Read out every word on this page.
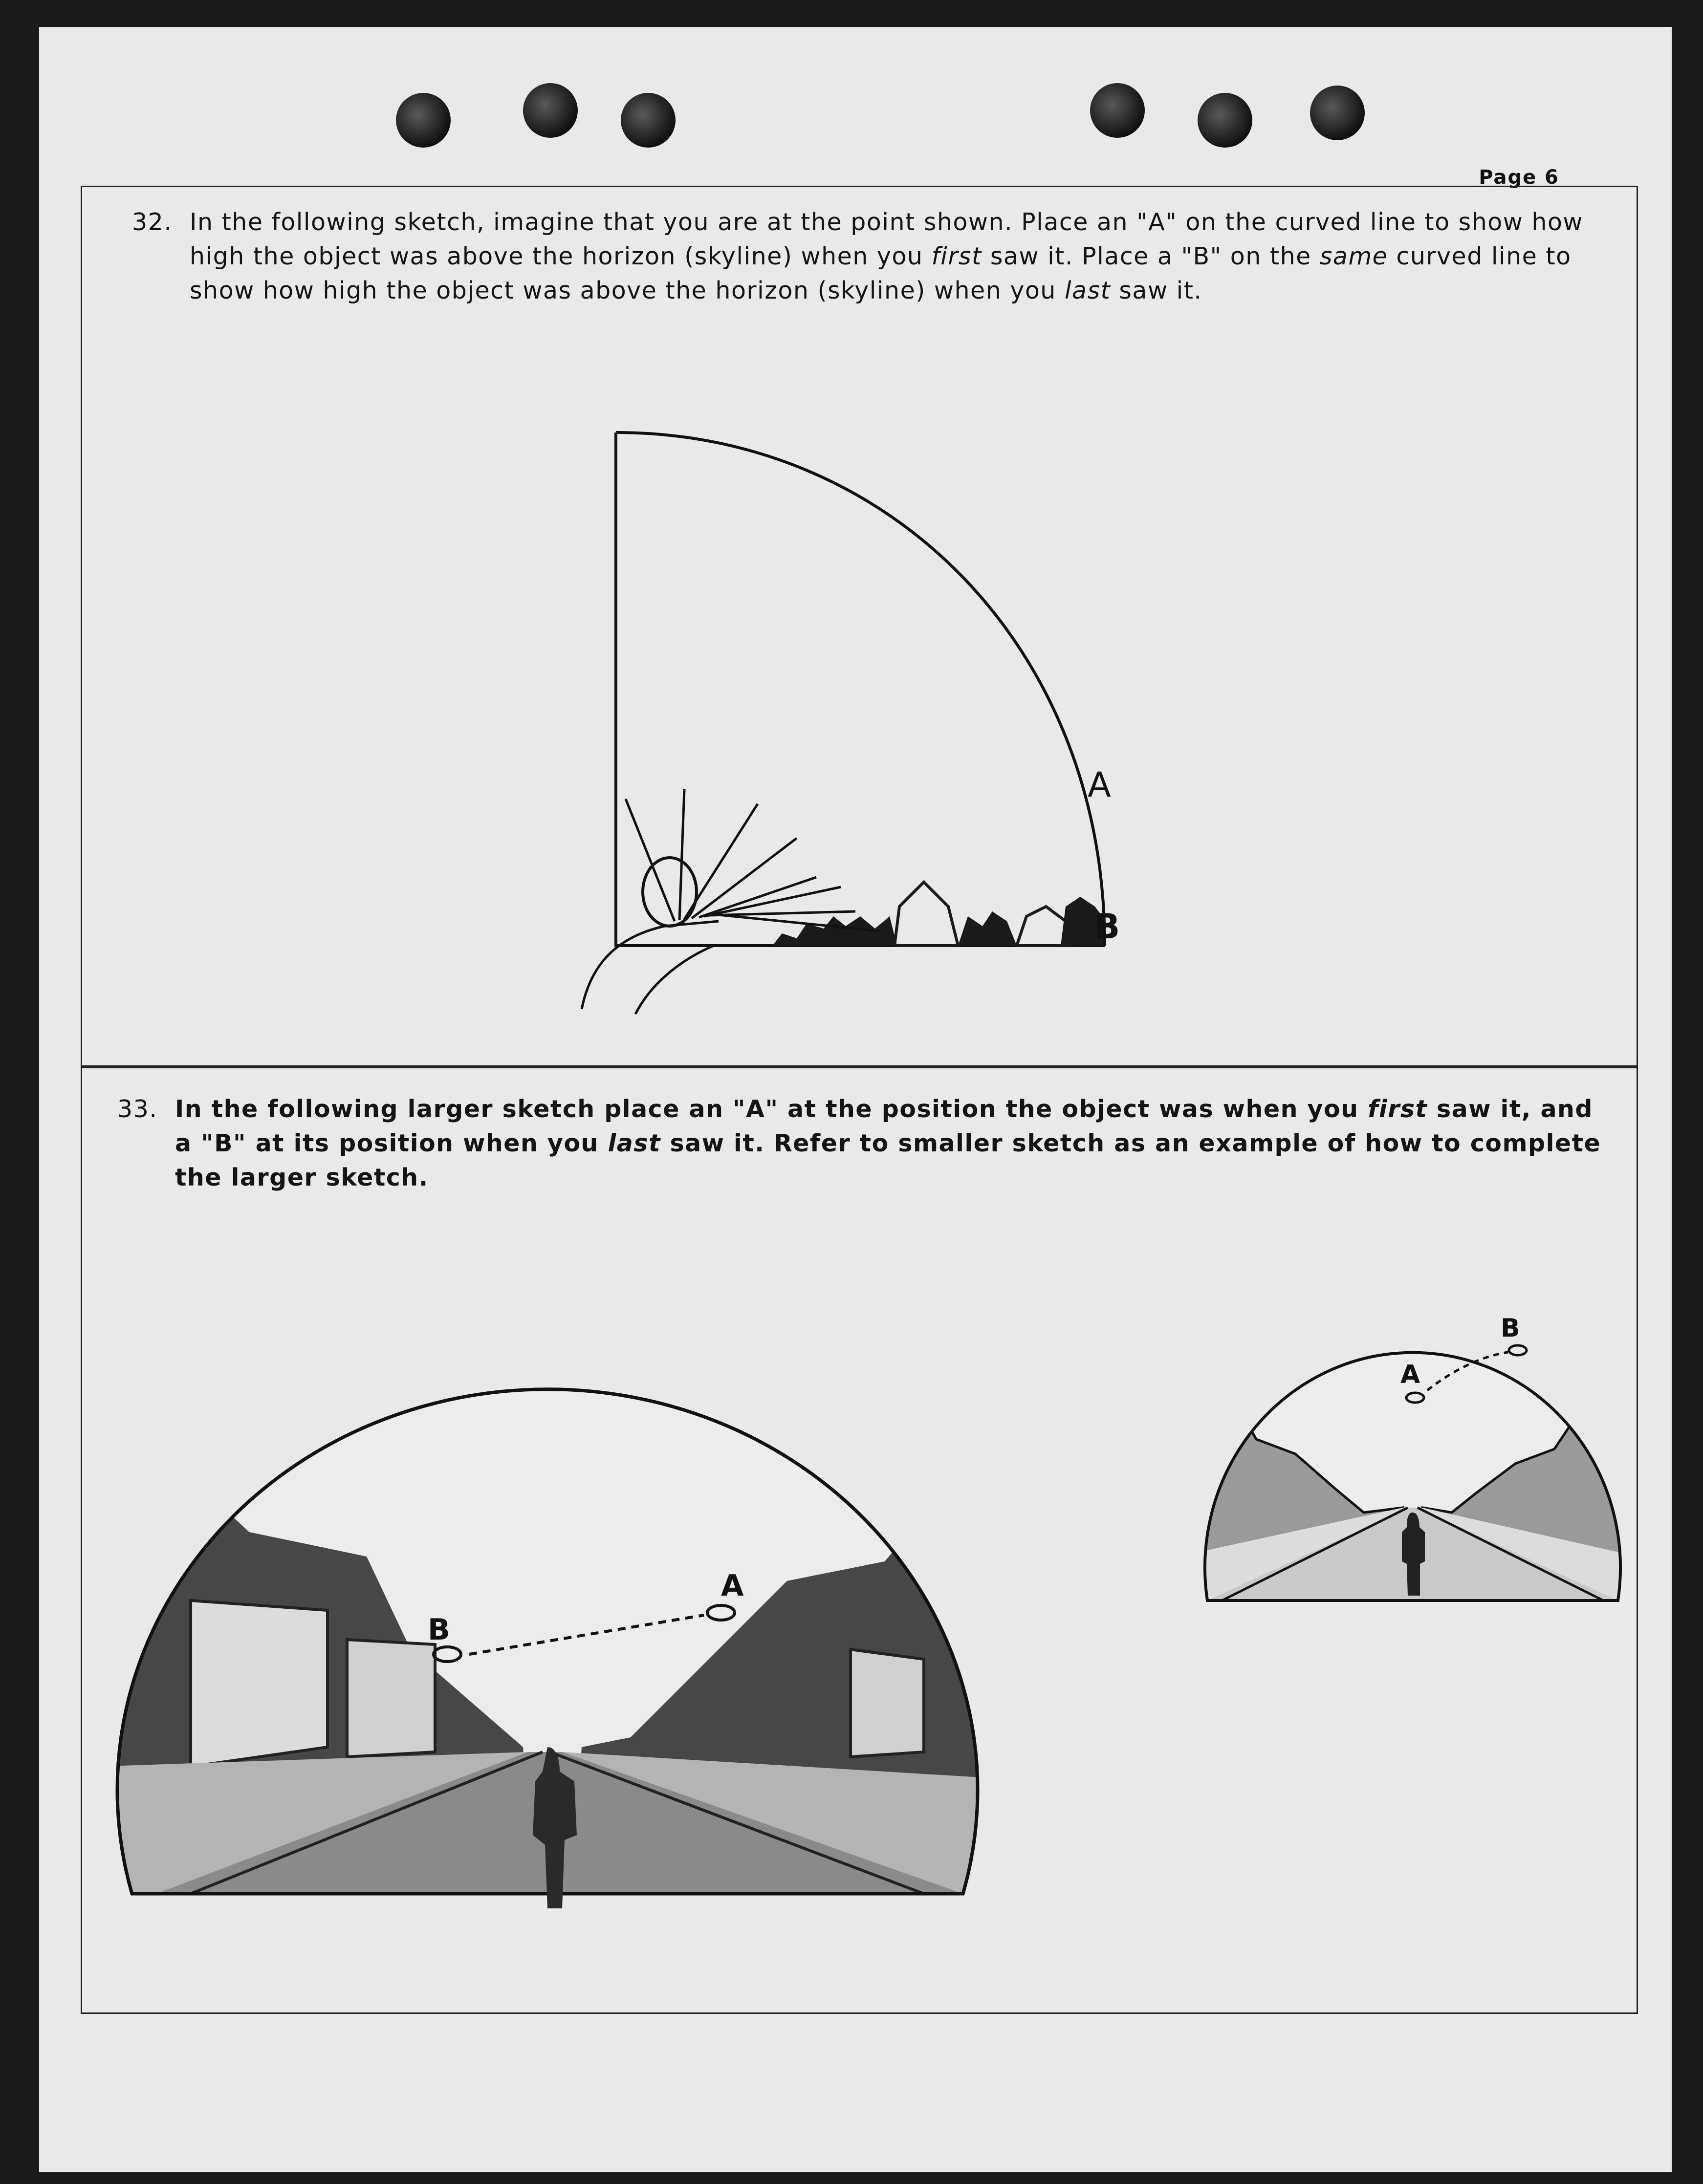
Page 6
32. In the following sketch, imagine that you are at the point shown. Place an "A" on the curved line to show how high the object was above the horizon (skyline) when you first saw it. Place a "B" on the same curved line to show how high the object was above the horizon (skyline) when you last saw it.
A
B
33. In the following larger sketch place an "A" at the position the object was when you first saw it, and a "B" at its position when you last saw it. Refer to smaller sketch as an example of how to complete the larger sketch.
B
A
A
B
